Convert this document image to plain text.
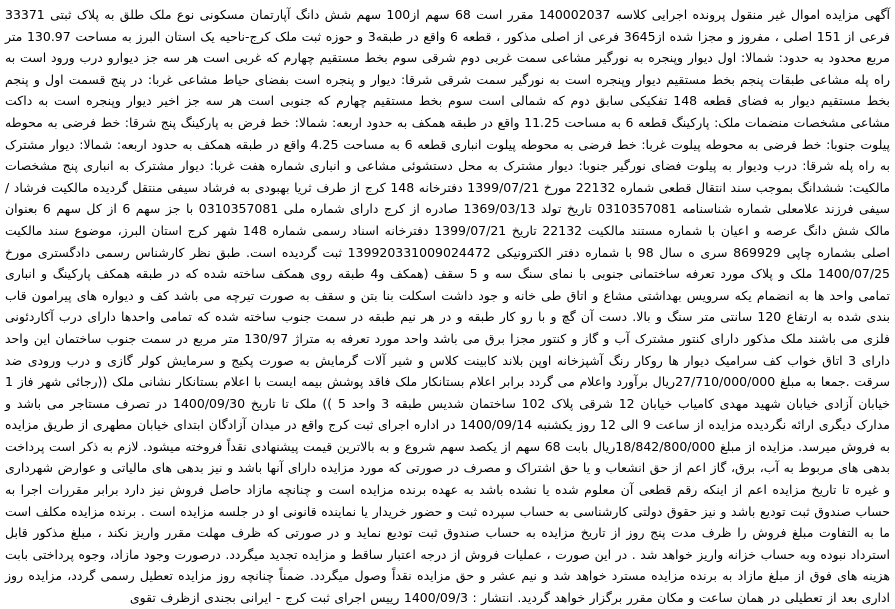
آگهی مزایده اموال غیر منقول پرونده اجرایی کلاسه 140002037 مقرر است 68 سهم از100 سهم شش دانگ آپارتمان مسکونی نوع ملک طلق به پلاک ثبتی 33371 فرعی از 151 اصلی ، مفروز و مجزا شده از3645 فرعی از اصلی مذکور ، قطعه 6 واقع در طبقه3 و حوزه ثبت ملک کرج-ناحیه یک استان البرز به مساحت 130.97 متر مربع محدود به حدود: شمالا: اول دیوار وپنجره به نورگیر مشاعی سمت غربی دوم شرقی سوم بخط مستقیم چهارم که غربی است هر سه جز دیوارو درب ورود است به راه پله مشاعی طبقات پنجم بخط مستقیم دیوار وپنجره است به نورگیر سمت شرقی شرقا: دیوار و پنجره است بفضای حیاط مشاعی غربا: در پنج قسمت اول و پنجم بخط مستقیم دیوار به فضای قطعه 148 تفکیکی سابق دوم که شمالی است سوم بخط مستقیم چهارم که جنوبی است هر سه جز اخیر دیوار وپنجره است به داکت مشاعی مشخصات منضمات ملک: پارکینگ قطعه 6 به مساحت 11.25 واقع در طبقه همکف به حدود اربعه: شمالا: خط فرض به پارکینگ پنج شرقا: خط فرضی به محوطه پیلوت جنوبا: خط فرضی به محوطه پیلوت غربا: خط فرضی به محوطه پیلوت انباری قطعه 6 به مساحت 4.25 واقع در طبقه همکف به حدود اربعه: شمالا: دیوار مشترک به راه پله شرقا: درب ودیوار به پیلوت فضای نورگیر جنوبا: دیوار مشترک به محل دستشوئی مشاعی و انباری شماره هفت غربا: دیوار مشترک به انباری پنج مشخصات مالکیت: ششدانگ بموجب سند انتقال قطعی شماره 22132 مورخ 1399/07/21 دفترخانه 148 کرج از طرف ثریا بهبودی به فرشاد سیفی منتقل گردیده مالکیت فرشاد / سیفی فرزند علامعلی شماره شناسنامه 0310357081 تاریخ تولد 1369/03/13 صادره از کرج دارای شماره ملی 0310357081 با جز سهم 6 از کل سهم 6 بعنوان مالک شش دانگ عرصه و اعیان با شماره مستند مالکیت 22132 تاریخ 1399/07/21 دفترخانه اسناد رسمی شماره 148 شهر کرج استان البرز، موضوع سند مالکیت اصلی بشماره چاپی 869929 سری ه سال 98 با شماره دفتر الکترونیکی 139920331009024472 ثبت گردیده است. طبق نظر کارشناس رسمی دادگستری مورخ 1400/07/25 ملک و پلاک مورد تعرفه ساختمانی جنوبی با نمای سنگ سه و 5 سقف (همکف و4 طبقه روی همکف ساخته شده که در طبقه همکف پارکینگ و انباری تمامی واحد ها به انضمام یکه سرویس بهداشتی مشاع و اتاق طی خانه و جود داشت اسکلت بنا بتن و سقف به صورت تیرچه می باشد کف و دیواره های پیرامون قاب بندی شده به ارتفاع 120 سانتی متر سنگ و بالا. دست آن گچ و با رو کار طبقه و در هر نیم طبقه در سمت جنوب ساخته شده که تمامی واحدها دارای درب آکاردئونی فلزی می باشند ملک مذکور دارای کنتور مشترک آب و گاز و کنتور مجزا برق می باشد واحد مورد تعرفه به متراژ 130/97 متر مربع در سمت جنوب ساختمان این واحد دارای 3 اتاق خواب کف سرامیک دیوار ها روکار رنگ آشپزخانه اوپن بلاند کابینت کلاس و شیر آلات گرمایش به صورت پکیج و سرمایش کولر گازی و درب ورودی ضد سرقت .جمعا به مبلغ 27/710/000/000ریال برآورد واعلام می گردد برابر اعلام بستانکار ملک فاقد پوشش بیمه ایست با اعلام بستانکار نشانی ملک ((رجائی شهر فاز 1 خیابان آزادی خیابان شهید مهدی کامیاب خیابان 12 شرقی پلاک 102 ساختمان شدیس طبقه 3 واحد 5 )) ملک تا تاریخ 1400/09/30 در تصرف مستاجر می باشد و مدارک دیگری ارائه نگردیده مزایده از ساعت 9 الی 12 روز یکشنبه 1400/09/14 در اداره اجرای ثبت کرج واقع در میدان آزادگان ابتدای خیابان مطهری از طریق مزایده به فروش میرسد. مزایده از مبلغ 18/842/800/000ریال بابت 68 سهم از یکصد سهم شروع و به بالاترین قیمت پیشنهادی نقداً فروخته میشود. لازم به ذکر است پرداخت بدهی های مربوط به آب، برق، گاز اعم از حق انشعاب و یا حق اشتراک و مصرف در صورتی که مورد مزایده دارای آنها باشد و نیز بدهی های مالیاتی و عوارض شهرداری و غیره تا تاریخ مزایده اعم از اینکه رقم قطعی آن معلوم شده یا نشده باشد به عهده برنده مزایده است و چنانچه مازاد حاصل فروش نیز دارد برابر مقررات اجرا به حساب صندوق ثبت تودیع باشد و نیز حقوق دولتی کارشناسی به حساب سپرده ثبت و حضور خریدار یا نماینده قانونی او در جلسه مزایده است . برنده مزایده مکلف است ما به التفاوت مبلغ فروش را ظرف مدت پنج روز از تاریخ مزایده به حساب صندوق ثبت تودیع نماید و در صورتی که ظرف مهلت مقرر واریز نکند ، مبلغ مذکور قابل استرداد نبوده وبه حساب خزانه واریز خواهد شد . در این صورت ، عملیات فروش از درجه اعتبار ساقط و مزایده تجدید میگردد. درصورت وجود مازاد، وجوه پرداختی بابت هزینه های فوق از مبلغ مازاد به برنده مزایده مسترد خواهد شد و نیم عشر و حق مزایده نقداً وصول میگردد. ضمناً چنانچه روز مزایده تعطیل رسمی گردد، مزایده روز اداری بعد از تعطیلی در همان ساعت و مکان مقرر برگزار خواهد گردید. انتشار : 1400/09/3 رییس اجرای ثبت کرج - ایرانی بجندی ازظرف تقوی
